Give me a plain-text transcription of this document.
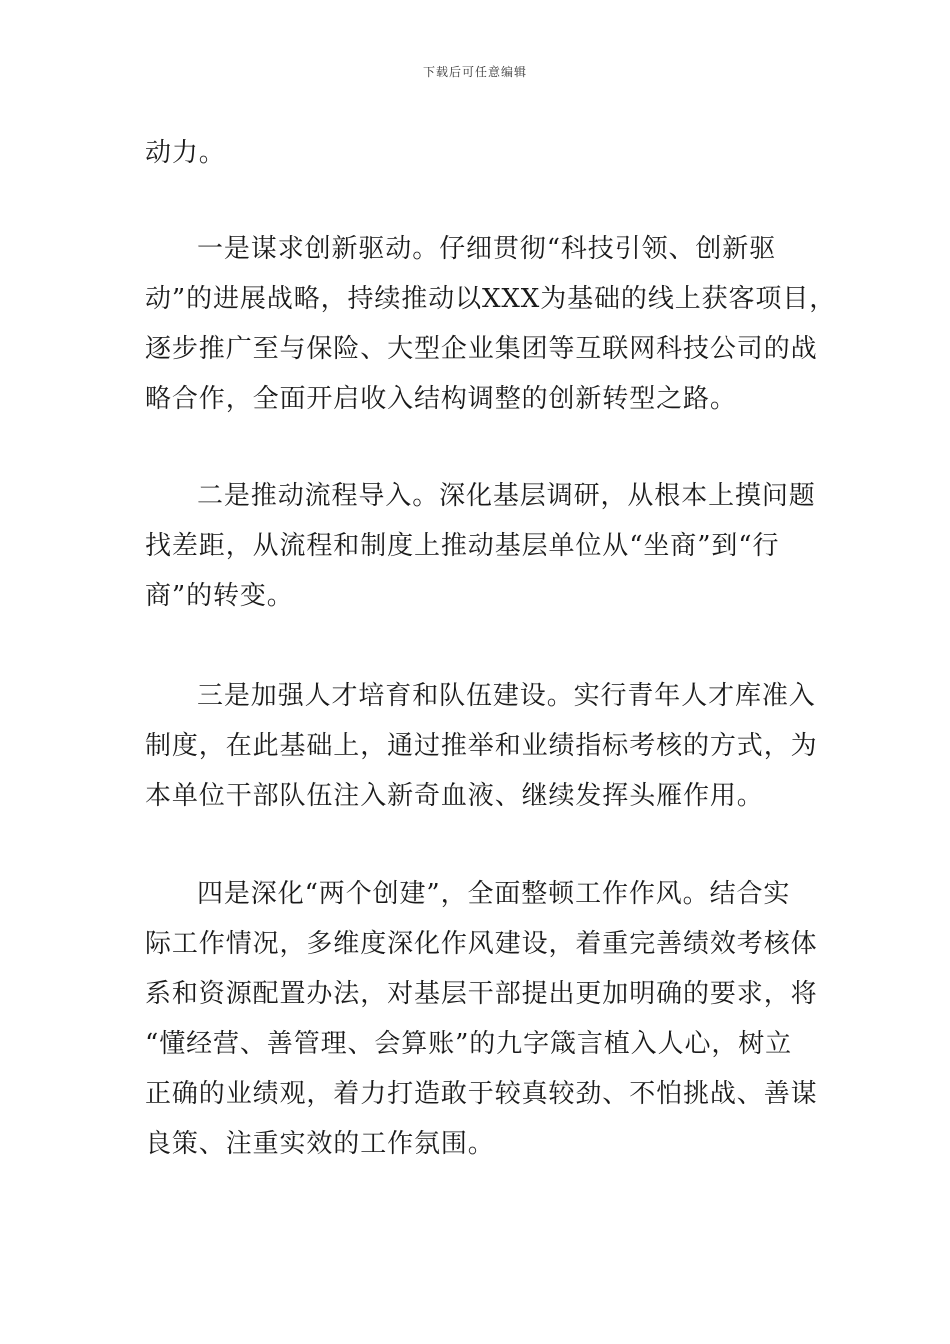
下载后可任意编辑
动力。
一是谋求创新驱动。仔细贯彻“科技引领、创新驱
动”的进展战略，持续推动以XXX为基础的线上获客项目，
逐步推广至与保险、大型企业集团等互联网科技公司的战
略合作，全面开启收入结构调整的创新转型之路。
二是推动流程导入。深化基层调研，从根本上摸问题
找差距，从流程和制度上推动基层单位从“坐商”到“行
商”的转变。
三是加强人才培育和队伍建设。实行青年人才库准入
制度，在此基础上，通过推举和业绩指标考核的方式，为
本单位干部队伍注入新奇血液、继续发挥头雁作用。
四是深化“两个创建”，全面整顿工作作风。结合实
际工作情况，多维度深化作风建设，着重完善绩效考核体
系和资源配置办法，对基层干部提出更加明确的要求，将
“懂经营、善管理、会算账”的九字箴言植入人心，树立
正确的业绩观，着力打造敢于较真较劲、不怕挑战、善谋
良策、注重实效的工作氛围。
